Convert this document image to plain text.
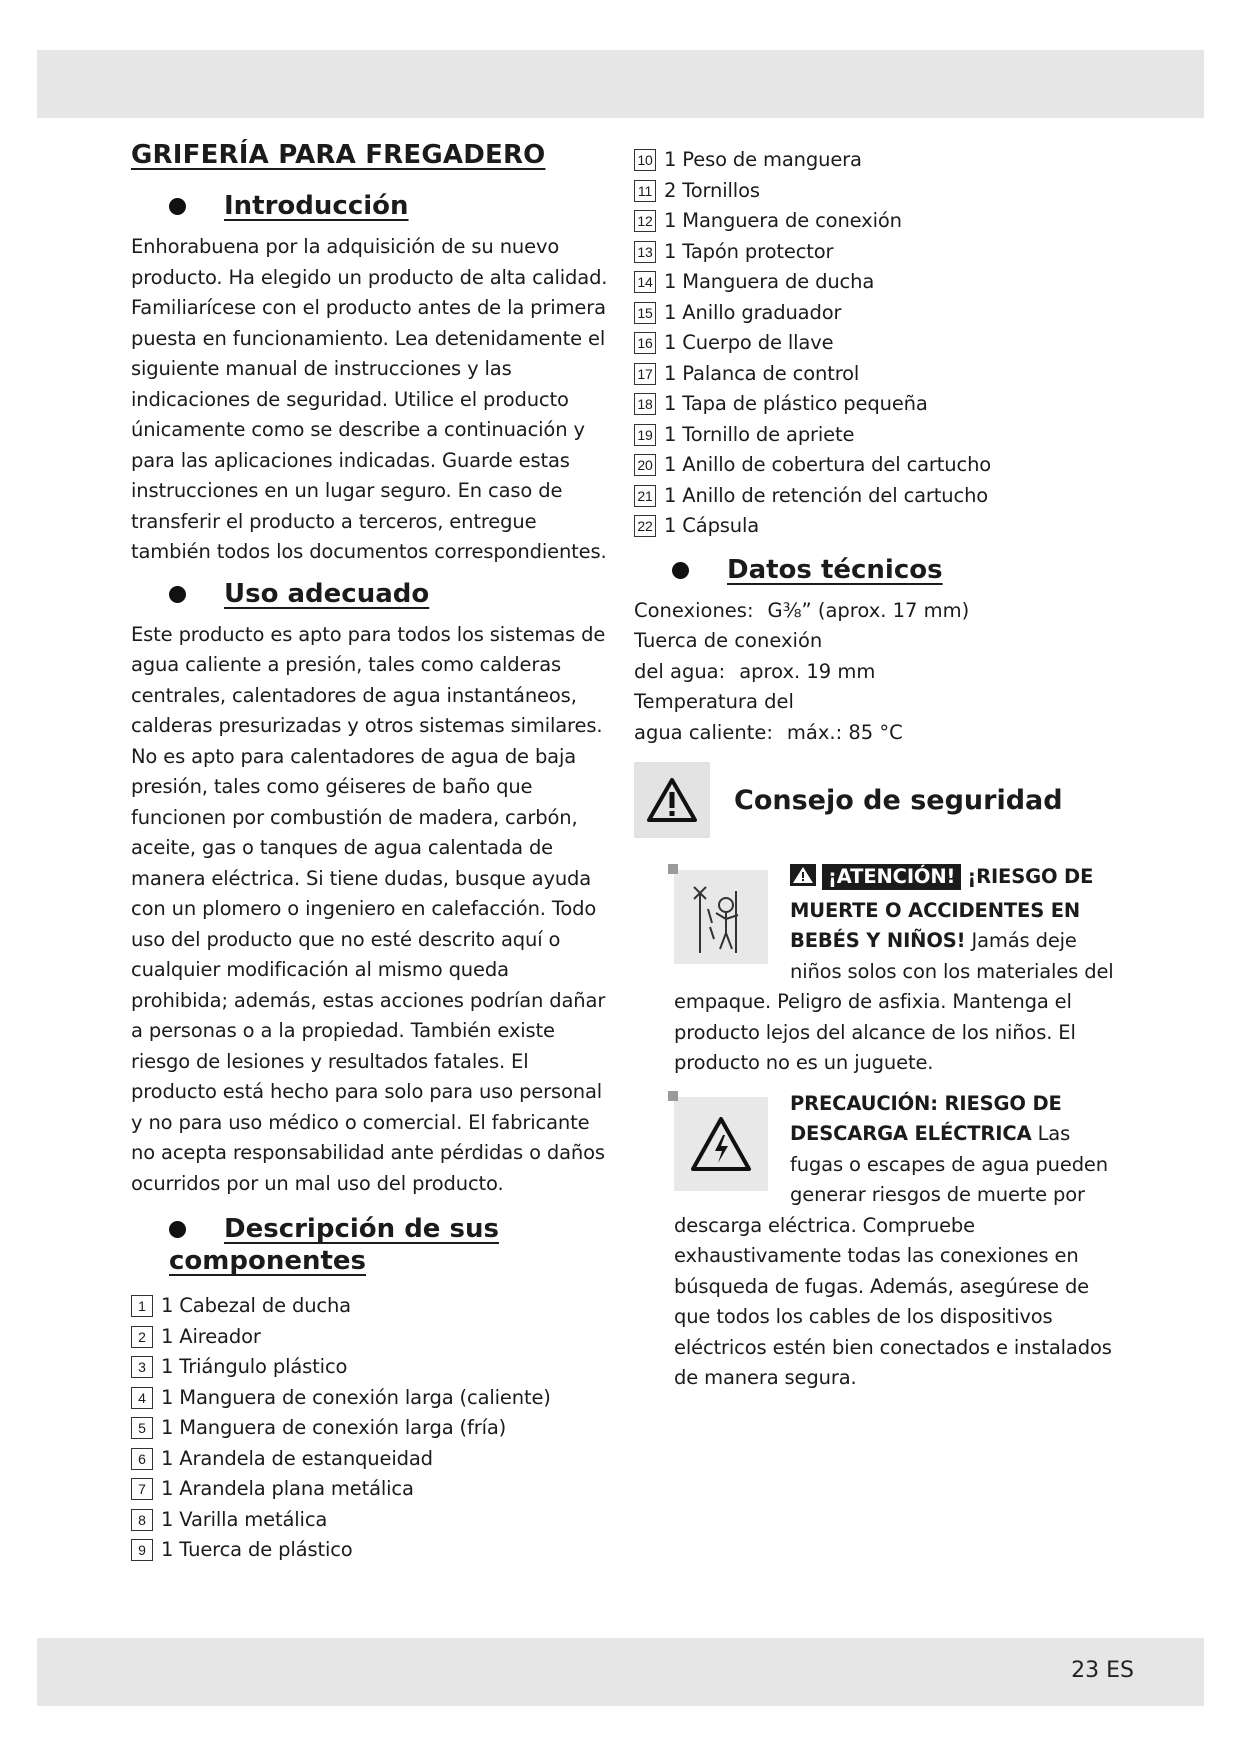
GRIFERÍA PARA FREGADERO
Introducción

Enhorabuena por la adquisición de su nuevo producto. Ha elegido un producto de alta calidad. Familiarícese con el producto antes de la primera puesta en funcionamiento. Lea detenidamente el siguiente manual de instrucciones y las indicaciones de seguridad. Utilice el producto únicamente como se describe a continuación y para las aplicaciones indicadas. Guarde estas instrucciones en un lugar seguro. En caso de transferir el producto a terceros, entregue también todos los documentos correspondientes.

Uso adecuado

Este producto es apto para todos los sistemas de agua caliente a presión, tales como calderas centrales, calentadores de agua instantáneos, calderas presurizadas y otros sistemas similares. No es apto para calentadores de agua de baja presión, tales como géiseres de baño que funcionen por combustión de madera, carbón, aceite, gas o tanques de agua calentada de manera eléctrica. Si tiene dudas, busque ayuda con un plomero o ingeniero en calefacción. Todo uso del producto que no esté descrito aquí o cualquier modificación al mismo queda prohibida; además, estas acciones podrían dañar a personas o a la propiedad. También existe riesgo de lesiones y resultados fatales. El producto está hecho para solo para uso personal y no para uso médico o comercial. El fabricante no acepta responsabilidad ante pérdidas o daños ocurridos por un mal uso del producto.

Descripción de sus
componentes
1 1 Cabezal de ducha
2 1 Aireador
3 1 Triángulo plástico
4 1 Manguera de conexión larga (caliente)
5 1 Manguera de conexión larga (fría)
6 1 Arandela de estanqueidad
7 1 Arandela plana metálica
8 1 Varilla metálica
9 1 Tuerca de plástico
10 1 Peso de manguera
11 2 Tornillos
12 1 Manguera de conexión
13 1 Tapón protector
14 1 Manguera de ducha
15 1 Anillo graduador
16 1 Cuerpo de llave
17 1 Palanca de control
18 1 Tapa de plástico pequeña
19 1 Tornillo de apriete
20 1 Anillo de cobertura del cartucho
21 1 Anillo de retención del cartucho
22 1 Cápsula
Datos técnicos
Conexiones: G⅜” (aprox. 17 mm)
Tuerca de conexión
del agua: aprox. 19 mm
Temperatura del
agua caliente: máx.: 85 °C
Consejo de seguridad
¡ATENCIÓN! ¡RIESGO DE MUERTE O ACCIDENTES EN BEBÉS Y NIÑOS! Jamás deje niños solos con los materiales del empaque. Peligro de asfixia. Mantenga el producto lejos del alcance de los niños. El producto no es un juguete.
PRECAUCIÓN: RIESGO DE DESCARGA ELÉCTRICA Las fugas o escapes de agua pueden generar riesgos de muerte por descarga eléctrica. Compruebe exhaustivamente todas las conexiones en búsqueda de fugas. Además, asegúrese de que todos los cables de los dispositivos eléctricos estén bien conectados e instalados de manera segura.
23 ES
